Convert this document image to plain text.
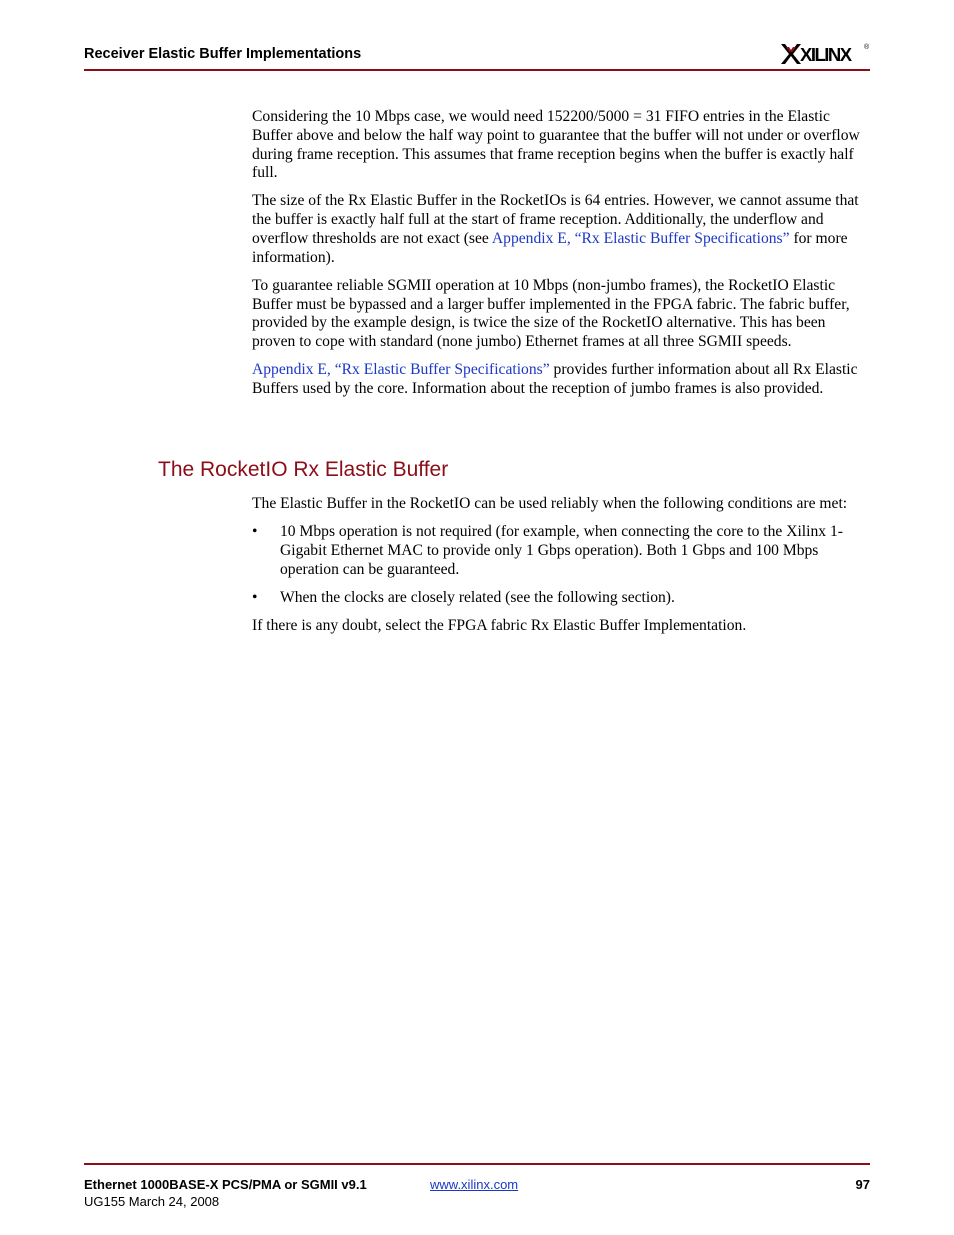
Receiver Elastic Buffer Implementations	XILINX	®

Considering the 10 Mbps case, we would need 152200/5000 = 31 FIFO entries in the Elastic Buffer above and below the half way point to guarantee that the buffer will not under or overflow during frame reception. This assumes that frame reception begins when the buffer is exactly half full.

The size of the Rx Elastic Buffer in the RocketIOs is 64 entries. However, we cannot assume that the buffer is exactly half full at the start of frame reception. Additionally, the underflow and overflow thresholds are not exact (see Appendix E, “Rx Elastic Buffer Specifications” for more information).

To guarantee reliable SGMII operation at 10 Mbps (non-jumbo frames), the RocketIO Elastic Buffer must be bypassed and a larger buffer implemented in the FPGA fabric. The fabric buffer, provided by the example design, is twice the size of the RocketIO alternative. This has been proven to cope with standard (none jumbo) Ethernet frames at all three SGMII speeds.

Appendix E, “Rx Elastic Buffer Specifications” provides further information about all Rx Elastic Buffers used by the core. Information about the reception of jumbo frames is also provided.

The RocketIO Rx Elastic Buffer

The Elastic Buffer in the RocketIO can be used reliably when the following conditions are met:

• 10 Mbps operation is not required (for example, when connecting the core to the Xilinx 1-Gigabit Ethernet MAC to provide only 1 Gbps operation). Both 1 Gbps and 100 Mbps operation can be guaranteed.
• When the clocks are closely related (see the following section).

If there is any doubt, select the FPGA fabric Rx Elastic Buffer Implementation.

Ethernet 1000BASE-X PCS/PMA or SGMII v9.1
UG155 March 24, 2008
www.xilinx.com	97
